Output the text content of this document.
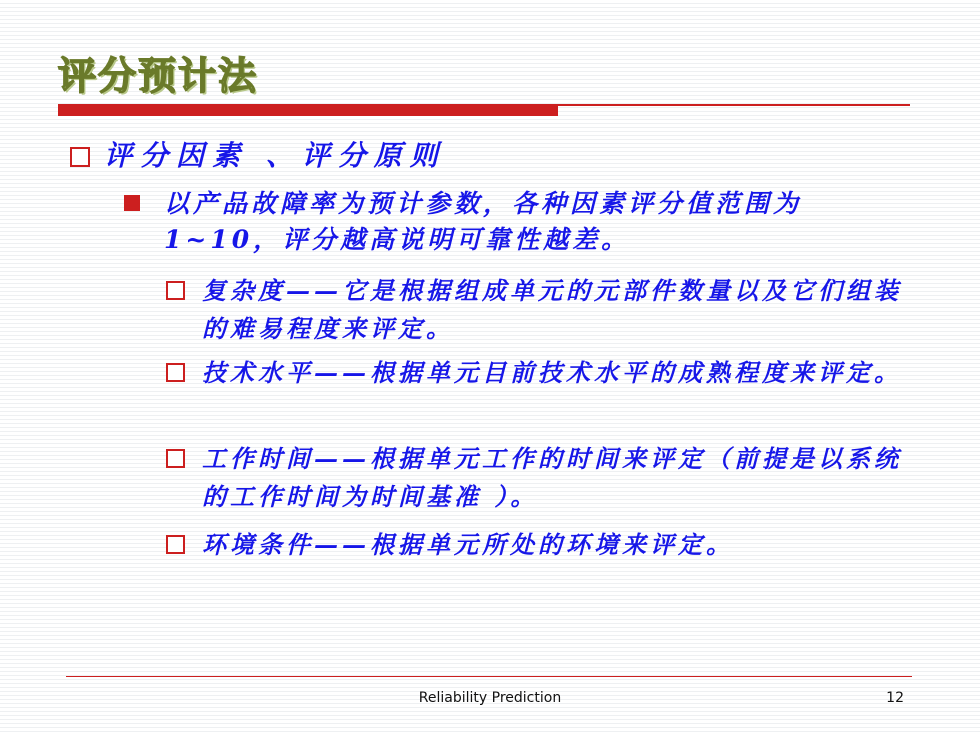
评分预计法
评分因素 、评分原则
以产品故障率为预计参数，各种因素评分值范围为1~10，评分越高说明可靠性越差。
复杂度——它是根据组成单元的元部件数量以及它们组装的难易程度来评定。
技术水平——根据单元目前技术水平的成熟程度来评定。
工作时间——根据单元工作的时间来评定（前提是以系统的工作时间为时间基准 ）。
环境条件——根据单元所处的环境来评定。
Reliability Prediction	12
